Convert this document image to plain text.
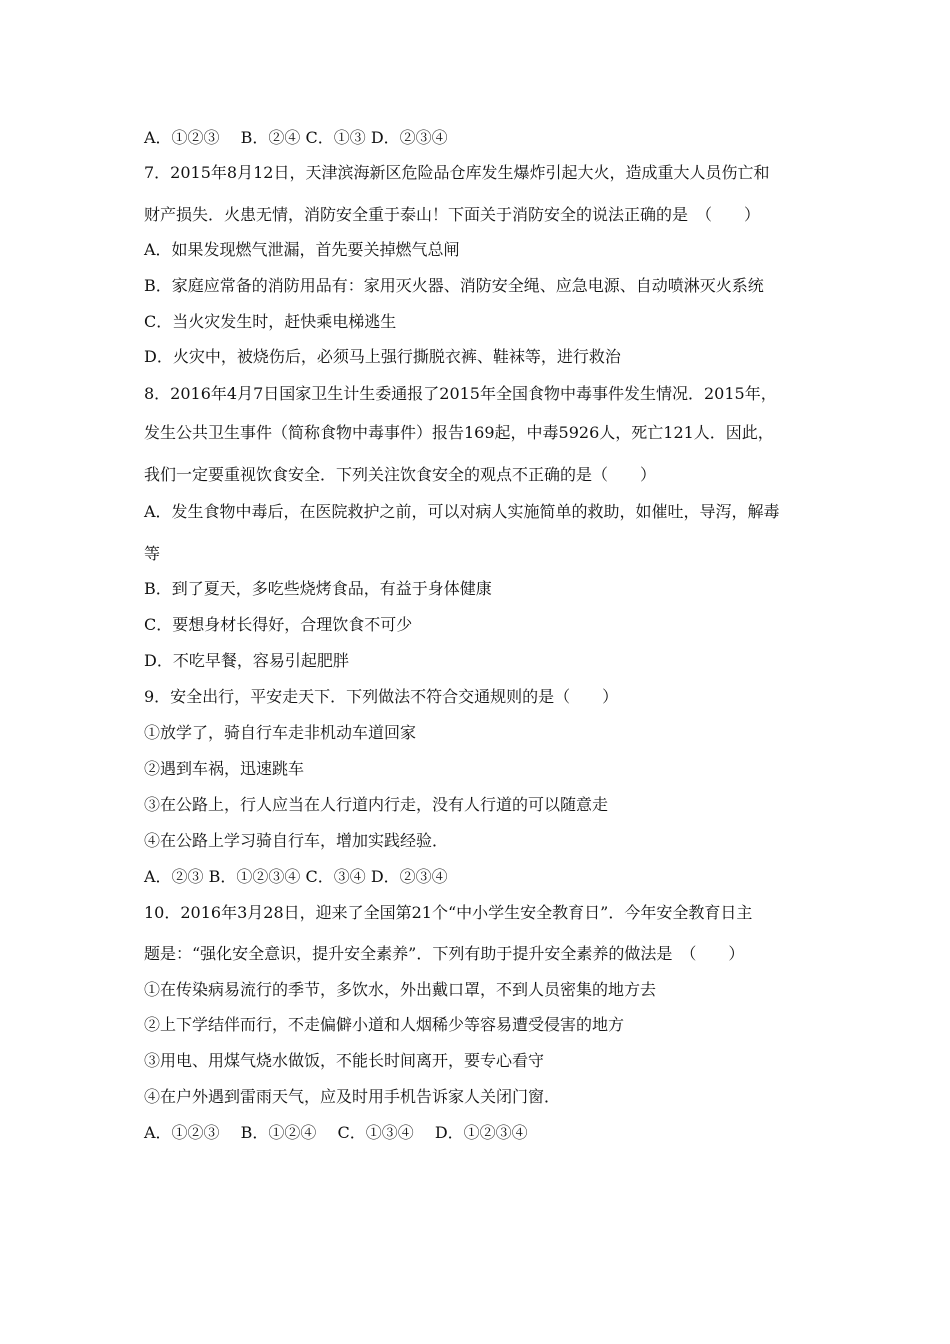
A．①②③　 B．②④ C．①③ D．②③④
7．2015年8月12日，天津滨海新区危险品仓库发生爆炸引起大火，造成重大人员伤亡和
财产损失．火患无情，消防安全重于泰山！下面关于消防安全的说法正确的是　（　　）
A．如果发现燃气泄漏，首先要关掉燃气总闸
B．家庭应常备的消防用品有：家用灭火器、消防安全绳、应急电源、自动喷淋灭火系统
C．当火灾发生时，赶快乘电梯逃生
D．火灾中，被烧伤后，必须马上强行撕脱衣裤、鞋袜等，进行救治
8．2016年4月7日国家卫生计生委通报了2015年全国食物中毒事件发生情况．2015年，
发生公共卫生事件（简称食物中毒事件）报告169起，中毒5926人，死亡121人．因此，
我们一定要重视饮食安全．下列关注饮食安全的观点不正确的是（　　）
A．发生食物中毒后，在医院救护之前，可以对病人实施简单的救助，如催吐，导泻，解毒
等
B．到了夏天，多吃些烧烤食品，有益于身体健康
C．要想身材长得好，合理饮食不可少
D．不吃早餐，容易引起肥胖
9．安全出行，平安走天下．下列做法不符合交通规则的是（　　）
①放学了，骑自行车走非机动车道回家
②遇到车祸，迅速跳车
③在公路上，行人应当在人行道内行走，没有人行道的可以随意走
④在公路上学习骑自行车，增加实践经验．
A．②③ B．①②③④ C．③④ D．②③④
10．2016年3月28日，迎来了全国第21个“中小学生安全教育日”．今年安全教育日主
题是：“强化安全意识，提升安全素养”．下列有助于提升安全素养的做法是　（　　）
①在传染病易流行的季节，多饮水，外出戴口罩，不到人员密集的地方去
②上下学结伴而行，不走偏僻小道和人烟稀少等容易遭受侵害的地方
③用电、用煤气烧水做饭，不能长时间离开，要专心看守
④在户外遇到雷雨天气，应及时用手机告诉家人关闭门窗．
A．①②③　 B．①②④　 C．①③④　 D．①②③④
